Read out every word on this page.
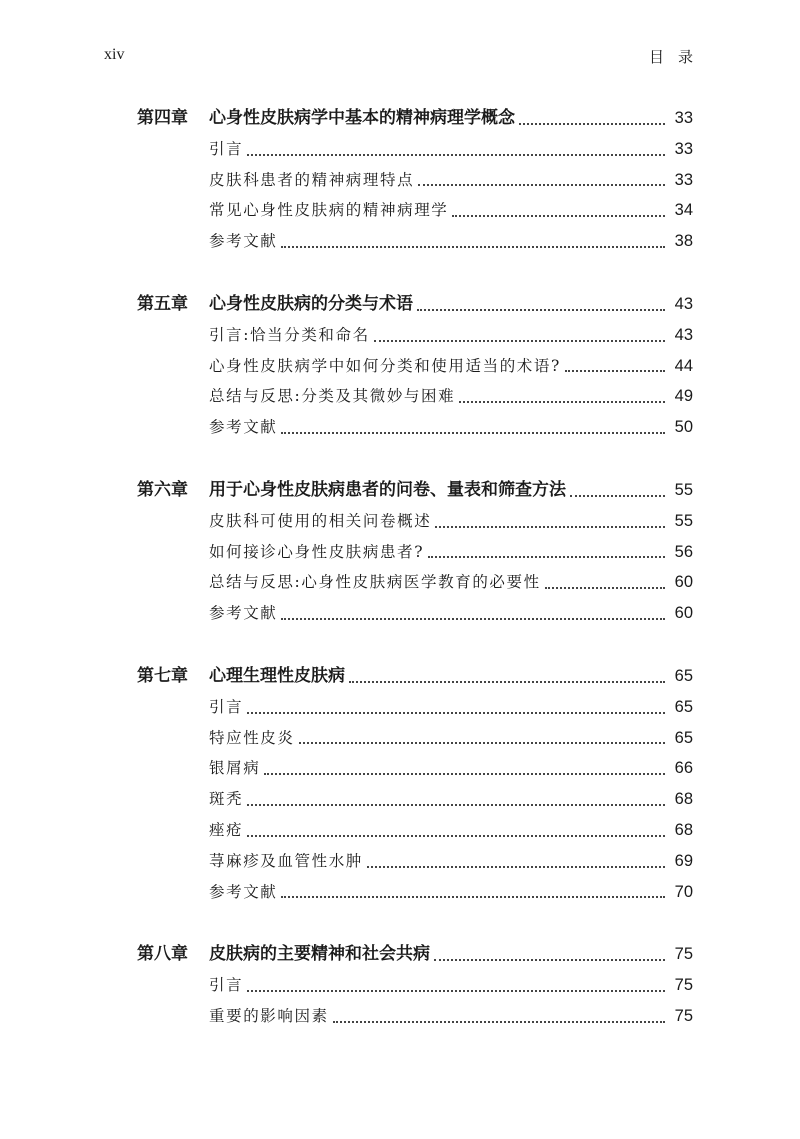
xiv	目录
第四章	心身性皮肤病学中基本的精神病理学概念	33
引言	33
皮肤科患者的精神病理特点	33
常见心身性皮肤病的精神病理学	34
参考文献	38
第五章	心身性皮肤病的分类与术语	43
引言:恰当分类和命名	43
心身性皮肤病学中如何分类和使用适当的术语?	44
总结与反思:分类及其微妙与困难	49
参考文献	50
第六章	用于心身性皮肤病患者的问卷、量表和筛查方法	55
皮肤科可使用的相关问卷概述	55
如何接诊心身性皮肤病患者?	56
总结与反思:心身性皮肤病医学教育的必要性	60
参考文献	60
第七章	心理生理性皮肤病	65
引言	65
特应性皮炎	65
银屑病	66
斑秃	68
痤疮	68
荨麻疹及血管性水肿	69
参考文献	70
第八章	皮肤病的主要精神和社会共病	75
引言	75
重要的影响因素	75
